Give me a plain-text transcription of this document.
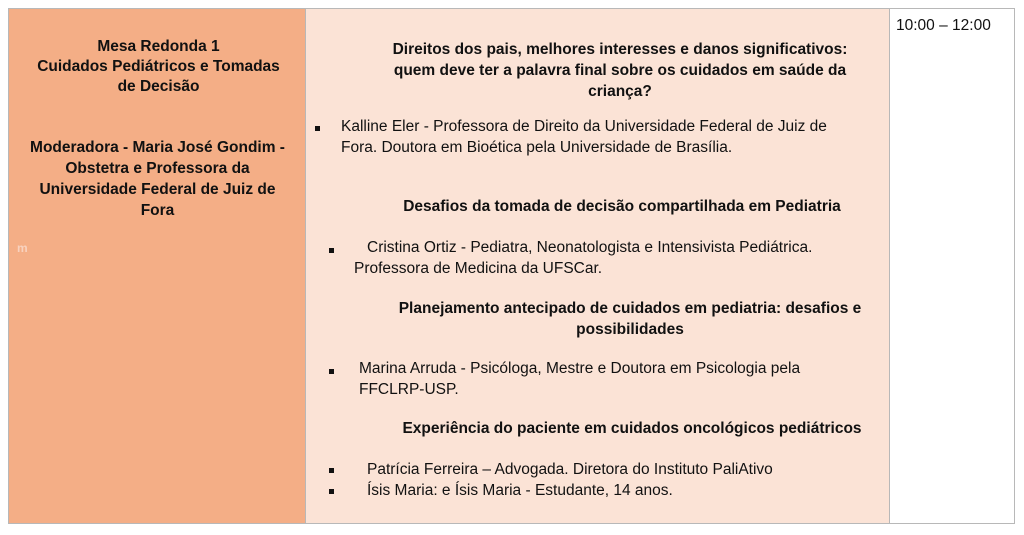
Mesa Redonda 1
Cuidados Pediátricos e Tomadas
de Decisão
Moderadora - Maria José Gondim -
Obstetra e Professora da
Universidade Federal de Juiz de
Fora
m
Direitos dos pais, melhores interesses e danos significativos:
quem deve ter a palavra final sobre os cuidados em saúde da
criança?
Kalline Eler - Professora de Direito da Universidade Federal de Juiz de
Fora. Doutora em Bioética pela Universidade de Brasília.
Desafios da tomada de decisão compartilhada em Pediatria
Cristina Ortiz - Pediatra, Neonatologista e Intensivista Pediátrica.
Professora de Medicina da UFSCar.
Planejamento antecipado de cuidados em pediatria: desafios e
possibilidades
Marina Arruda - Psicóloga, Mestre e Doutora em Psicologia pela
FFCLRP-USP.
Experiência do paciente em cuidados oncológicos pediátricos
Patrícia Ferreira – Advogada. Diretora do Instituto PaliAtivo
Ísis Maria: e Ísis Maria - Estudante, 14 anos.
10:00 – 12:00
